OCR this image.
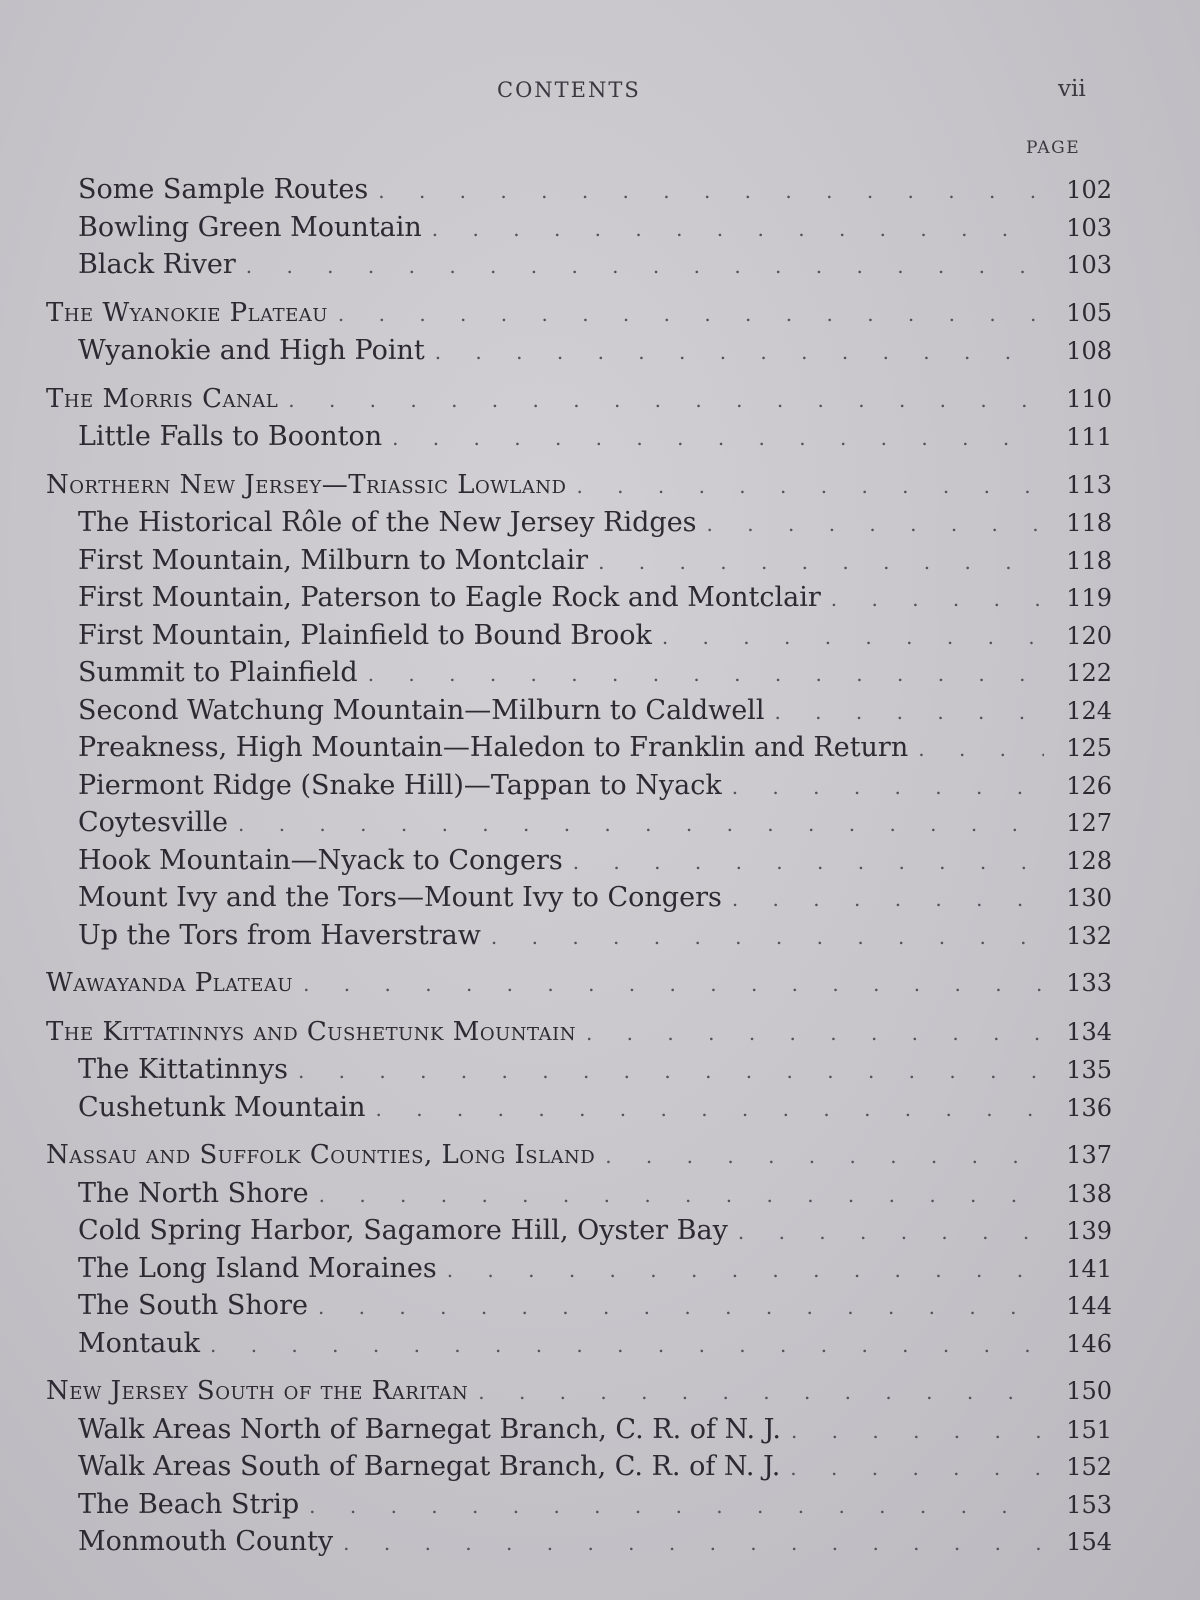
CONTENTS	vii
PAGE
Some Sample Routes . . .	102
Bowling Green Mountain . . .	103
Black River . . .	103
The Wyanokie Plateau . . .	105
Wyanokie and High Point . . .	108
The Morris Canal . . .	110
Little Falls to Boonton . . .	111
Northern New Jersey—Triassic Lowland . . .	113
The Historical Rôle of the New Jersey Ridges . . .	118
First Mountain, Milburn to Montclair . . .	118
First Mountain, Paterson to Eagle Rock and Montclair . . .	119
First Mountain, Plainfield to Bound Brook . . .	120
Summit to Plainfield . . .	122
Second Watchung Mountain—Milburn to Caldwell . . .	124
Preakness, High Mountain—Haledon to Franklin and Return . . .	125
Piermont Ridge (Snake Hill)—Tappan to Nyack . . .	126
Coytesville . . .	127
Hook Mountain—Nyack to Congers . . .	128
Mount Ivy and the Tors—Mount Ivy to Congers . . .	130
Up the Tors from Haverstraw . . .	132
Wawayanda Plateau . . .	133
The Kittatinnys and Cushetunk Mountain . . .	134
The Kittatinnys . . .	135
Cushetunk Mountain . . .	136
Nassau and Suffolk Counties, Long Island . . .	137
The North Shore . . .	138
Cold Spring Harbor, Sagamore Hill, Oyster Bay . . .	139
The Long Island Moraines . . .	141
The South Shore . . .	144
Montauk . . .	146
New Jersey South of the Raritan . . .	150
Walk Areas North of Barnegat Branch, C. R. of N. J. . . .	151
Walk Areas South of Barnegat Branch, C. R. of N. J. . . .	152
The Beach Strip . . .	153
Monmouth County . . .	154
